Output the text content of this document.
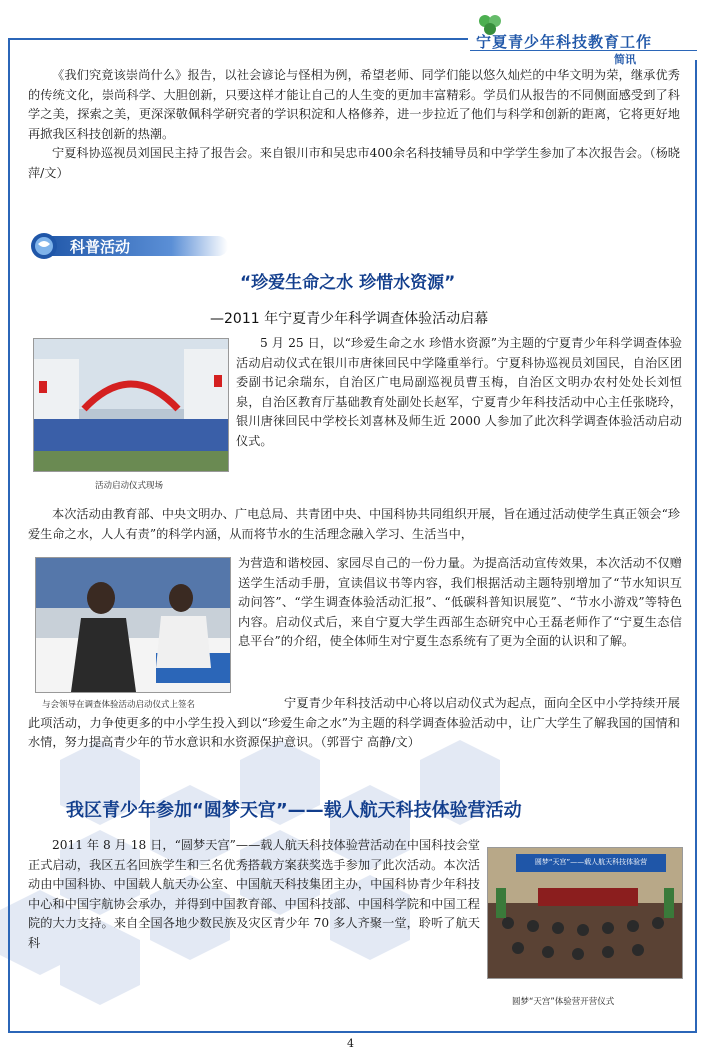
宁夏青少年科技教育工作
简讯

《我们究竟该崇尚什么》报告，以社会谚论与怪相为例，希望老师、同学们能以悠久灿烂的中华文明为荣，继承优秀的传统文化，崇尚科学、大胆创新，只要这样才能让自己的人生变的更加丰富精彩。学员们从报告的不同侧面感受到了科学之美，探索之美，更深深敬佩科学研究者的学识积淀和人格修养，进一步拉近了他们与科学和创新的距离，它将更好地再掀我区科技创新的热潮。

宁夏科协巡视员刘国民主持了报告会。来自银川市和吴忠市400余名科技辅导员和中学学生参加了本次报告会。（杨晓萍/文）

科普活动
“珍爱生命之水 珍惜水资源”
—2011 年宁夏青少年科学调查体验活动启幕
活动启动仪式现场

5 月 25 日，以“珍爱生命之水 珍惜水资源”为主题的宁夏青少年科学调查体验活动启动仪式在银川市唐徕回民中学隆重举行。宁夏科协巡视员刘国民，自治区团委副书记余瑞东，自治区广电局副巡视员曹玉梅，自治区文明办农村处处长刘恒泉，自治区教育厅基础教育处副处长赵军，宁夏青少年科技活动中心主任张晓玲，银川唐徕回民中学校长刘喜林及师生近 2000 人参加了此次科学调查体验活动启动仪式。

本次活动由教育部、中央文明办、广电总局、共青团中央、中国科协共同组织开展，旨在通过活动使学生真正领会“珍爱生命之水，人人有责”的科学内涵，从而将节水的生活理念融入学习、生活当中，

与会领导在调查体验活动启动仪式上签名

为营造和谐校园、家园尽自己的一份力量。为提高活动宣传效果，本次活动不仅赠送学生活动手册，宣读倡议书等内容，我们根据活动主题特别增加了“节水知识互动问答”、“学生调查体验活动汇报”、“低碳科普知识展览”、“节水小游戏”等特色内容。启动仪式后，来自宁夏大学生西部生态研究中心王磊老师作了“宁夏生态信息平台”的介绍，使全体师生对宁夏生态系统有了更为全面的认识和了解。

宁夏青少年科技活动中心将以启动仪式为起点，面向全区中小学持续开展此项活动，力争使更多的中小学生投入到以“珍爱生命之水”为主题的科学调查体验活动中，让广大学生了解我国的国情和水情，努力提高青少年的节水意识和水资源保护意识。（郭晋宁 高静/文）

我区青少年参加“圆梦天宫”——载人航天科技体验营活动

2011 年 8 月 18 日，“圆梦天宫”——载人航天科技体验营活动在中国科技会堂正式启动，我区五名回族学生和三名优秀搭载方案获奖选手参加了此次活动。本次活动由中国科协、中国载人航天办公室、中国航天科技集团主办，中国科协青少年科技中心和中国宇航协会承办，并得到中国教育部、中国科技部、中国科学院和中国工程院的大力支持。来自全国各地少数民族及灾区青少年 70 多人齐聚一堂，聆听了航天科

圆梦“天宫”——载人航天科技体验营
圆梦“天宫”体验营开营仪式
4
